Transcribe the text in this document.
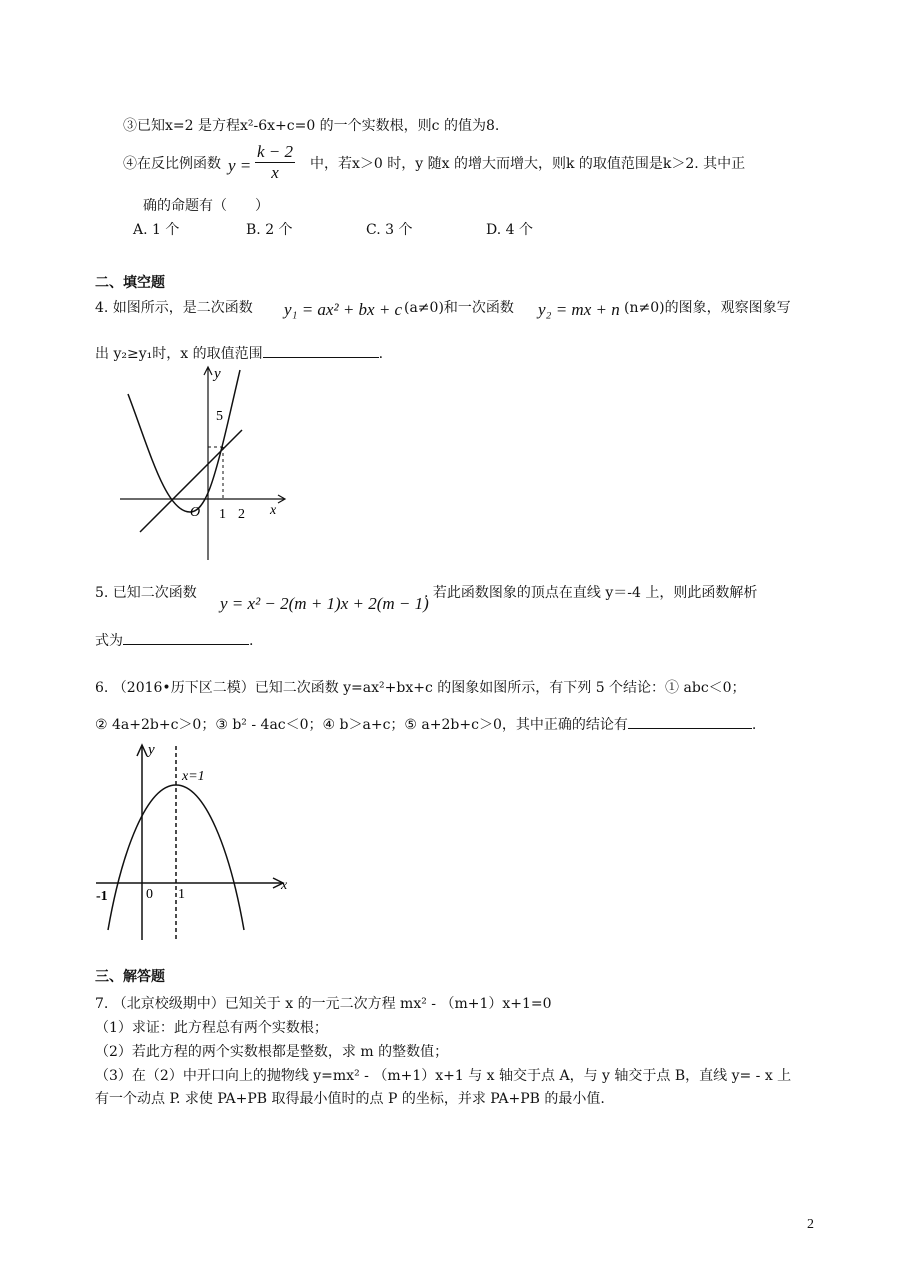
③已知x=2 是方程x²-6x+c=0 的一个实数根，则c 的值为8.
④在反比例函数 $y = \frac{k - 2}{x}$ 中，若x＞0 时，y 随x 的增大而增大，则k 的取值范围是k＞2. 其中正
确的命题有（　　）
A. 1 个	B. 2 个	C. 3 个	D. 4 个
二、填空题
4. 如图所示，是二次函数 y₁ = ax² + bx + c (a≠0)和一次函数 y₂ = mx + n (n≠0)的图象，观察图象写
出 y₂≥y₁时，x 的取值范围	.
y
x
5
O 1 2
5. 已知二次函数
y = x² − 2(m + 1)x + 2(m − 1)
. 若此函数图象的顶点在直线 y＝-4 上，则此函数解析
式为	.
6. （2016•历下区二模）已知二次函数 y=ax²+bx+c 的图象如图所示，有下列 5 个结论：① abc＜0；
② 4a+2b+c＞0；③ b² - 4ac＜0；④ b＞a+c；⑤ a+2b+c＞0，其中正确的结论有	.
y
x
x=1
-1	0 1
三、解答题
7. （北京校级期中）已知关于 x 的一元二次方程 mx² - （m+1）x+1=0
（1）求证：此方程总有两个实数根；
（2）若此方程的两个实数根都是整数，求 m 的整数值；
（3）在（2）中开口向上的抛物线 y=mx² - （m+1）x+1 与 x 轴交于点 A，与 y 轴交于点 B，直线 y= - x 上
有一个动点 P. 求使 PA+PB 取得最小值时的点 P 的坐标，并求 PA+PB 的最小值.
2
